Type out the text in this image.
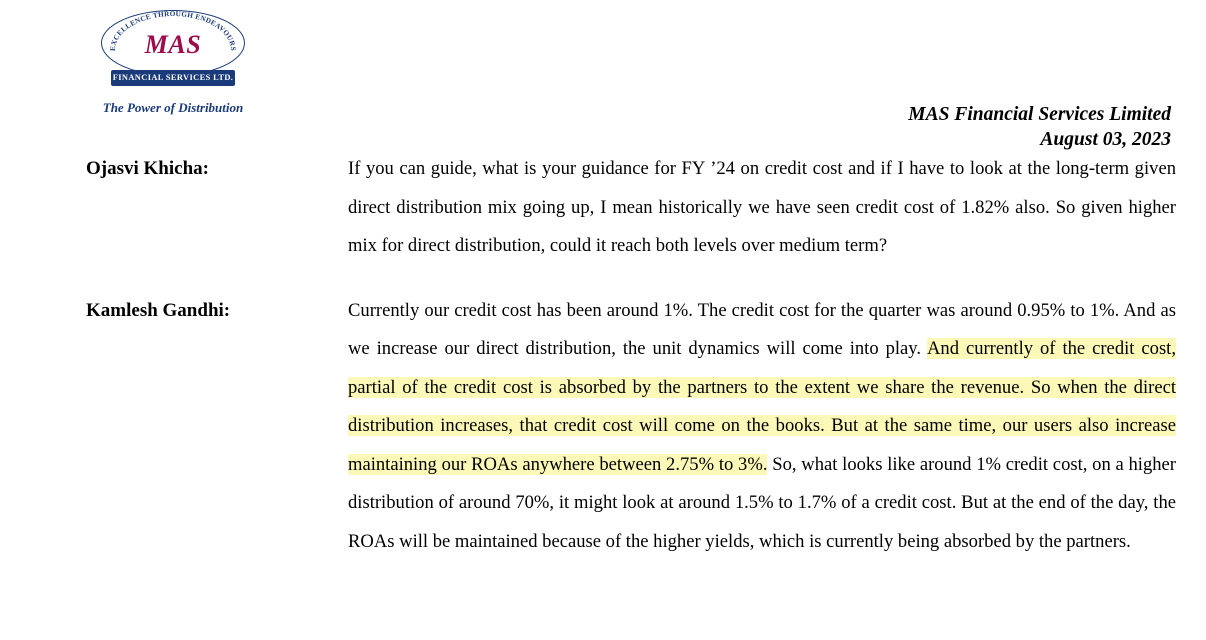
EXCELLENCE THROUGH ENDEAVOURS
MAS
FINANCIAL SERVICES LTD.
The Power of Distribution	MAS Financial Services Limited
August 03, 2023
Ojasvi Khicha:	If you can guide, what is your guidance for FY ’24 on credit cost and if I have to look at the long-term given direct distribution mix going up, I mean historically we have seen credit cost of 1.82% also. So given higher mix for direct distribution, could it reach both levels over medium term?
Kamlesh Gandhi:	Currently our credit cost has been around 1%. The credit cost for the quarter was around 0.95% to 1%. And as we increase our direct distribution, the unit dynamics will come into play. And currently of the credit cost, partial of the credit cost is absorbed by the partners to the extent we share the revenue. So when the direct distribution increases, that credit cost will come on the books. But at the same time, our users also increase maintaining our ROAs anywhere between 2.75% to 3%. So, what looks like around 1% credit cost, on a higher distribution of around 70%, it might look at around 1.5% to 1.7% of a credit cost. But at the end of the day, the ROAs will be maintained because of the higher yields, which is currently being absorbed by the partners.
